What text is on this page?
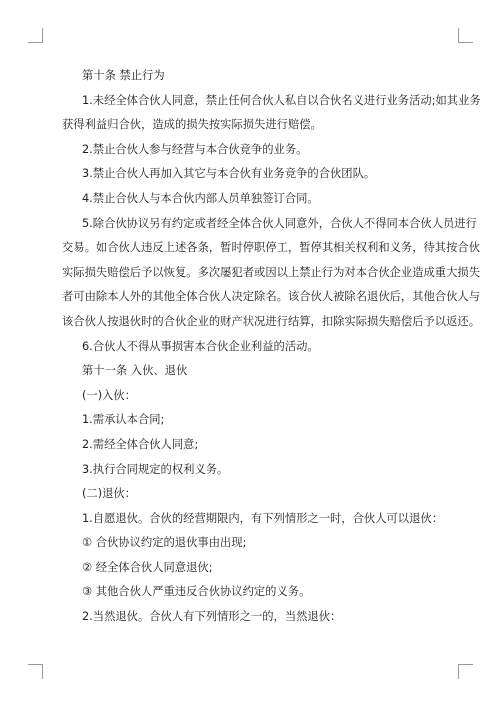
第十条 禁止行为
1.未经全体合伙人同意，禁止任何合伙人私自以合伙名义进行业务活动;如其业务
获得利益归合伙，造成的损失按实际损失进行赔偿。
2.禁止合伙人参与经营与本合伙竞争的业务。
3.禁止合伙人再加入其它与本合伙有业务竞争的合伙团队。
4.禁止合伙人与本合伙内部人员单独签订合同。
5.除合伙协议另有约定或者经全体合伙人同意外，合伙人不得同本合伙人员进行
交易。如合伙人违反上述各条，暂时停职停工，暂停其相关权利和义务，待其按合伙
实际损失赔偿后予以恢复。多次屡犯者或因以上禁止行为对本合伙企业造成重大损失
者可由除本人外的其他全体合伙人决定除名。该合伙人被除名退伙后，其他合伙人与
该合伙人按退伙时的合伙企业的财产状况进行结算，扣除实际损失赔偿后予以返还。
6.合伙人不得从事损害本合伙企业利益的活动。
第十一条 入伙、退伙
(一)入伙：
1.需承认本合同;
2.需经全体合伙人同意;
3.执行合同规定的权利义务。
(二)退伙：
1.自愿退伙。合伙的经营期限内，有下列情形之一时，合伙人可以退伙：
① 合伙协议约定的退伙事由出现;
② 经全体合伙人同意退伙;
③ 其他合伙人严重违反合伙协议约定的义务。
2.当然退伙。合伙人有下列情形之一的，当然退伙：
